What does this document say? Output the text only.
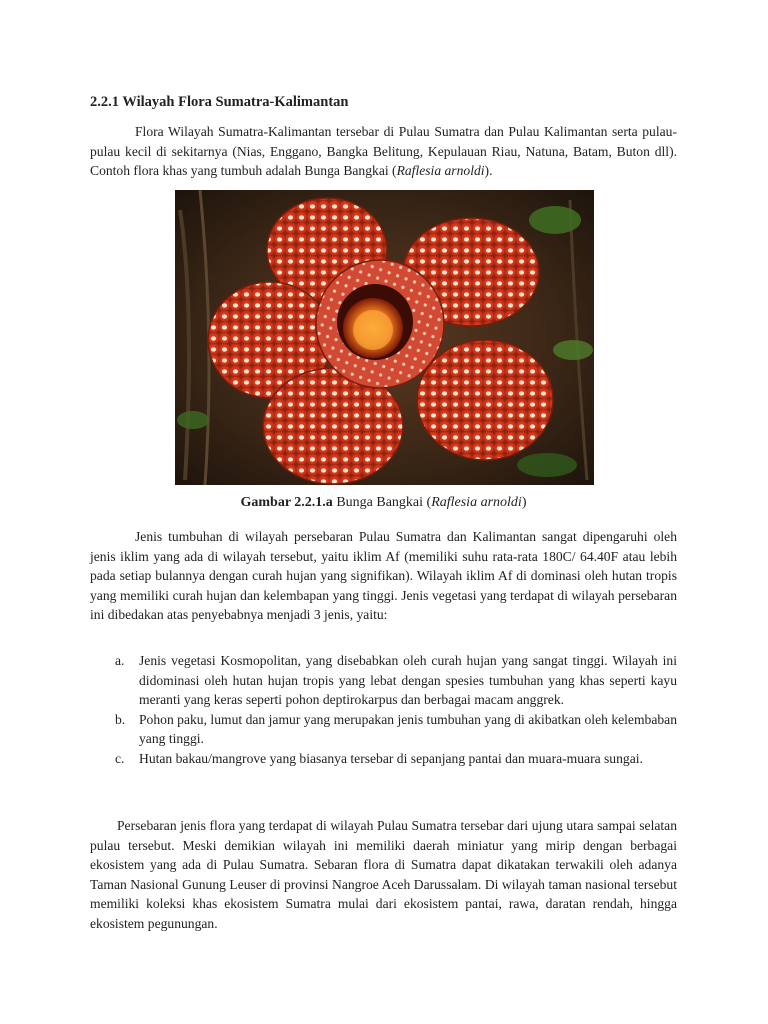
2.2.1 Wilayah Flora Sumatra-Kalimantan

Flora Wilayah Sumatra-Kalimantan tersebar di Pulau Sumatra dan Pulau Kalimantan serta pulau-pulau kecil di sekitarnya (Nias, Enggano, Bangka Belitung, Kepulauan Riau, Natuna, Batam, Buton dll). Contoh flora khas yang tumbuh adalah Bunga Bangkai (Raflesia arnoldi).

Gambar 2.2.1.a Bunga Bangkai (Raflesia arnoldi)

Jenis tumbuhan di wilayah persebaran Pulau Sumatra dan Kalimantan sangat dipengaruhi oleh jenis iklim yang ada di wilayah tersebut, yaitu iklim Af (memiliki suhu rata-rata 180C/ 64.40F atau lebih pada setiap bulannya dengan curah hujan yang signifikan). Wilayah iklim Af di dominasi oleh hutan tropis yang memiliki curah hujan dan kelembapan yang tinggi. Jenis vegetasi yang terdapat di wilayah persebaran ini dibedakan atas penyebabnya menjadi 3 jenis, yaitu:

a. Jenis vegetasi Kosmopolitan, yang disebabkan oleh curah hujan yang sangat tinggi. Wilayah ini didominasi oleh hutan hujan tropis yang lebat dengan spesies tumbuhan yang khas seperti kayu meranti yang keras seperti pohon deptirokarpus dan berbagai macam anggrek.
b. Pohon paku, lumut dan jamur yang merupakan jenis tumbuhan yang di akibatkan oleh kelembaban yang tinggi.
c. Hutan bakau/mangrove yang biasanya tersebar di sepanjang pantai dan muara-muara sungai.

Persebaran jenis flora yang terdapat di wilayah Pulau Sumatra tersebar dari ujung utara sampai selatan pulau tersebut. Meski demikian wilayah ini memiliki daerah miniatur yang mirip dengan berbagai ekosistem yang ada di Pulau Sumatra. Sebaran flora di Sumatra dapat dikatakan terwakili oleh adanya Taman Nasional Gunung Leuser di provinsi Nangroe Aceh Darussalam. Di wilayah taman nasional tersebut memiliki koleksi khas ekosistem Sumatra mulai dari ekosistem pantai, rawa, daratan rendah, hingga ekosistem pegunungan.
